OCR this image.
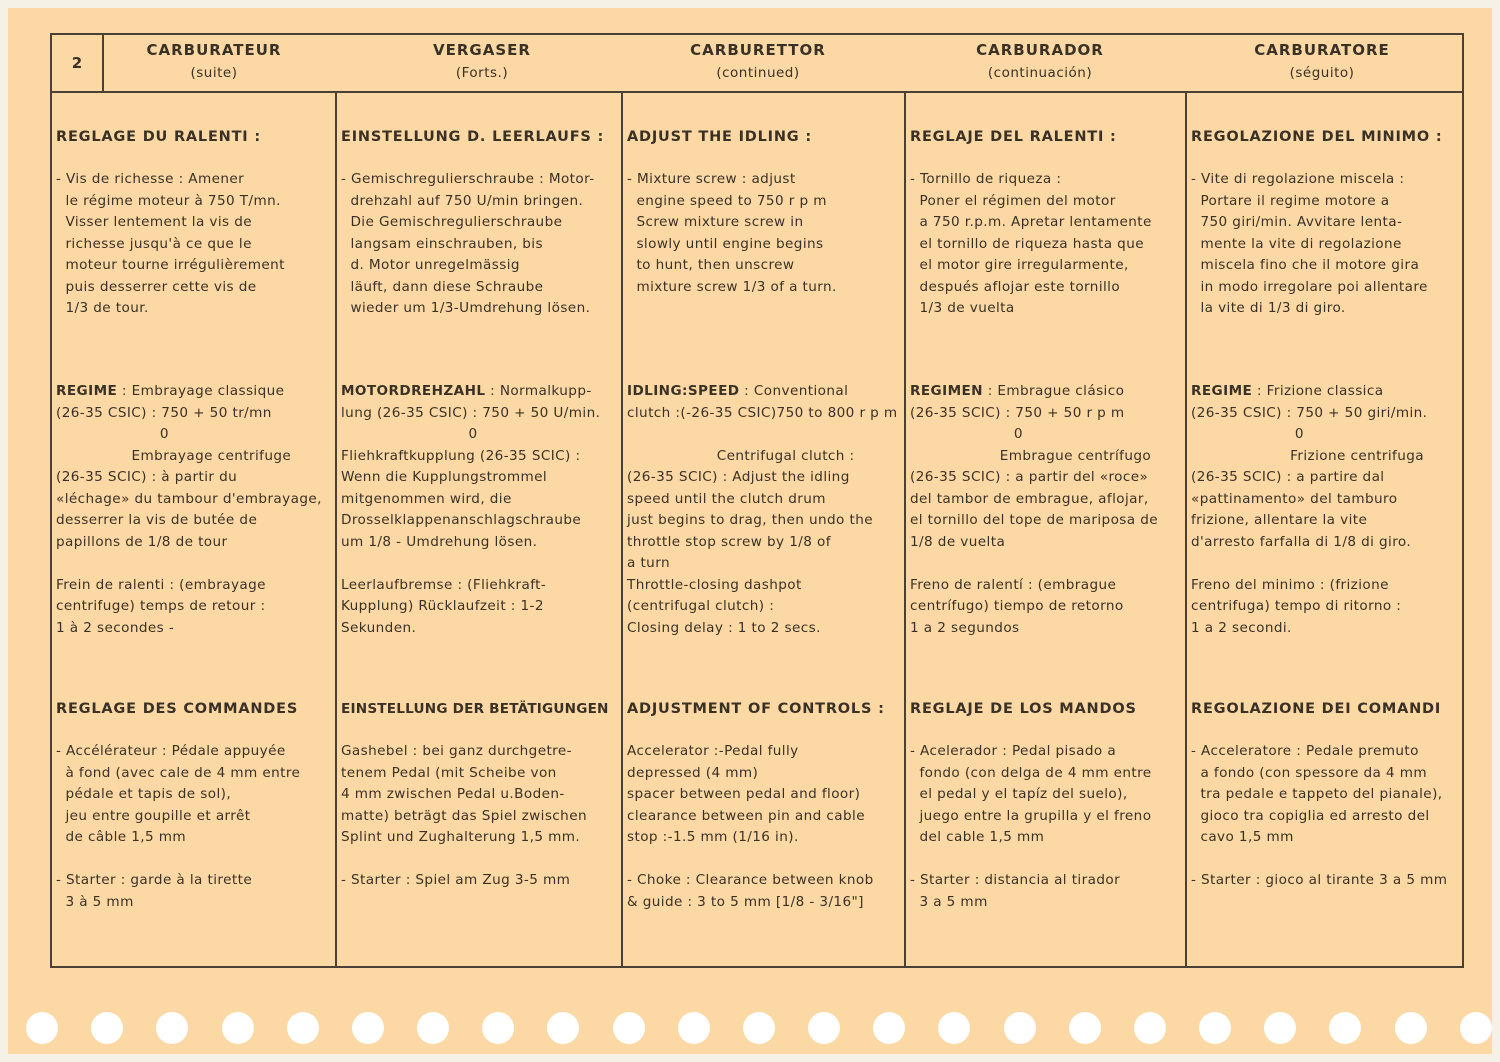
2
CARBURATEUR
(suite)
VERGASER
(Forts.)
CARBURETTOR
(continued)
CARBURADOR
(continuación)
CARBURATORE
(séguito)
REGLAGE DU RALENTI :
- Vis de richesse : Amener
le régime moteur à 750 T/mn.
Visser lentement la vis de
richesse jusqu'à ce que le
moteur tourne irrégulièrement
puis desserrer cette vis de
1/3 de tour.
REGIME : Embrayage classique
(26-35 CSIC) : 750 + 50 tr/mn
0
Embrayage centrifuge
(26-35 SCIC) : à partir du
«léchage» du tambour d'embrayage,
desserrer la vis de butée de
papillons de 1/8 de tour

Frein de ralenti : (embrayage
centrifuge) temps de retour :
1 à 2 secondes -
REGLAGE DES COMMANDES
- Accélérateur : Pédale appuyée
à fond (avec cale de 4 mm entre
pédale et tapis de sol),
jeu entre goupille et arrêt
de câble 1,5 mm

- Starter : garde à la tirette
3 à 5 mm
EINSTELLUNG D. LEERLAUFS :
- Gemischregulierschraube : Motor-
drehzahl auf 750 U/min bringen.
Die Gemischregulierschraube
langsam einschrauben, bis
d. Motor unregelmässig
läuft, dann diese Schraube
wieder um 1/3-Umdrehung lösen.
MOTORDREHZAHL : Normalkupp-
lung (26-35 CSIC) : 750 + 50 U/min.
0
Fliehkraftkupplung (26-35 SCIC) :
Wenn die Kupplungstrommel
mitgenommen wird, die
Drosselklappenanschlagschraube
um 1/8 - Umdrehung lösen.

Leerlaufbremse : (Fliehkraft-
Kupplung) Rücklaufzeit : 1-2
Sekunden.
EINSTELLUNG DER BETÄTIGUNGEN
Gashebel : bei ganz durchgetre-
tenem Pedal (mit Scheibe von
4 mm zwischen Pedal u.Boden-
matte) beträgt das Spiel zwischen
Splint und Zughalterung 1,5 mm.

- Starter : Spiel am Zug 3-5 mm
ADJUST THE IDLING :
- Mixture screw : adjust
engine speed to 750 r p m
Screw mixture screw in
slowly until engine begins
to hunt, then unscrew
mixture screw 1/3 of a turn.
IDLING:SPEED : Conventional
clutch :(-26-35 CSIC)750 to 800 r p m

Centrifugal clutch :
(26-35 SCIC) : Adjust the idling
speed until the clutch drum
just begins to drag, then undo the
throttle stop screw by 1/8 of
a turn
Throttle-closing dashpot
(centrifugal clutch) :
Closing delay : 1 to 2 secs.
ADJUSTMENT OF CONTROLS :
Accelerator :-Pedal fully
depressed (4 mm)
spacer between pedal and floor)
clearance between pin and cable
stop :-1.5 mm (1/16 in).

- Choke : Clearance between knob
& guide : 3 to 5 mm [1/8 - 3/16"]
REGLAJE DEL RALENTI :
- Tornillo de riqueza :
Poner el régimen del motor
a 750 r.p.m. Apretar lentamente
el tornillo de riqueza hasta que
el motor gire irregularmente,
después aflojar este tornillo
1/3 de vuelta
REGIMEN : Embrague clásico
(26-35 SCIC) : 750 + 50 r p m
0
Embrague centrífugo
(26-35 SCIC) : a partir del «roce»
del tambor de embrague, aflojar,
el tornillo del tope de mariposa de
1/8 de vuelta

Freno de ralentí : (embrague
centrífugo) tiempo de retorno
1 a 2 segundos
REGLAJE DE LOS MANDOS
- Acelerador : Pedal pisado a
fondo (con delga de 4 mm entre
el pedal y el tapíz del suelo),
juego entre la grupilla y el freno
del cable 1,5 mm

- Starter : distancia al tirador
3 a 5 mm
REGOLAZIONE DEL MINIMO :
- Vite di regolazione miscela :
Portare il regime motore a
750 giri/min. Avvitare lenta-
mente la vite di regolazione
miscela fino che il motore gira
in modo irregolare poi allentare
la vite di 1/3 di giro.
REGIME : Frizione classica
(26-35 CSIC) : 750 + 50 giri/min.
0
Frizione centrifuga
(26-35 SCIC) : a partire dal
«pattinamento» del tamburo
frizione, allentare la vite
d'arresto farfalla di 1/8 di giro.

Freno del minimo : (frizione
centrifuga) tempo di ritorno :
1 a 2 secondi.
REGOLAZIONE DEI COMANDI
- Acceleratore : Pedale premuto
a fondo (con spessore da 4 mm
tra pedale e tappeto del pianale),
gioco tra copiglia ed arresto del
cavo 1,5 mm

- Starter : gioco al tirante 3 a 5 mm
